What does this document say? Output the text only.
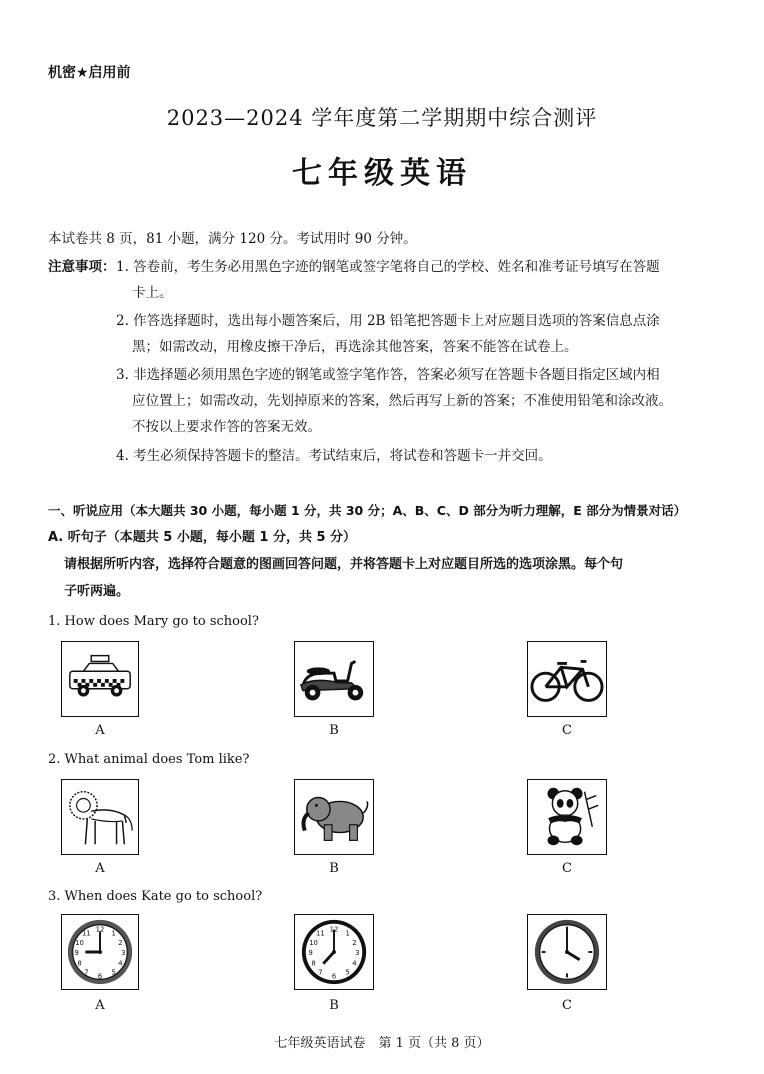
机密★启用前
2023—2024 学年度第二学期期中综合测评
七年级英语
本试卷共 8 页，81 小题，满分 120 分。考试用时 90 分钟。
注意事项： 1. 答卷前，考生务必用黑色字迹的钢笔或签字笔将自己的学校、姓名和准考证号填写在答题
卡上。
2. 作答选择题时，选出每小题答案后，用 2B 铅笔把答题卡上对应题目选项的答案信息点涂
黑；如需改动，用橡皮擦干净后，再选涂其他答案，答案不能答在试卷上。
3. 非选择题必须用黑色字迹的钢笔或签字笔作答，答案必须写在答题卡各题目指定区域内相
应位置上；如需改动，先划掉原来的答案，然后再写上新的答案；不准使用铅笔和涂改液。
不按以上要求作答的答案无效。
4. 考生必须保持答题卡的整洁。考试结束后，将试卷和答题卡一并交回。
一、听说应用（本大题共 30 小题，每小题 1 分，共 30 分；A、B、C、D 部分为听力理解，E 部分为情景对话）
A. 听句子（本题共 5 小题，每小题 1 分，共 5 分）
请根据所听内容，选择符合题意的图画回答问题，并将答题卡上对应题目所选的选项涂黑。每个句
子听两遍。
1. How does Mary go to school?
A	B	C
2. What animal does Tom like?
A	B	C
3. When does Kate go to school?
12 1
2
3
4
5
6
7
8
9
10
11	12 1
2
3
4
5
6
7
8
9
10
11
A	B	C
七年级英语试卷　第 1 页（共 8 页）
